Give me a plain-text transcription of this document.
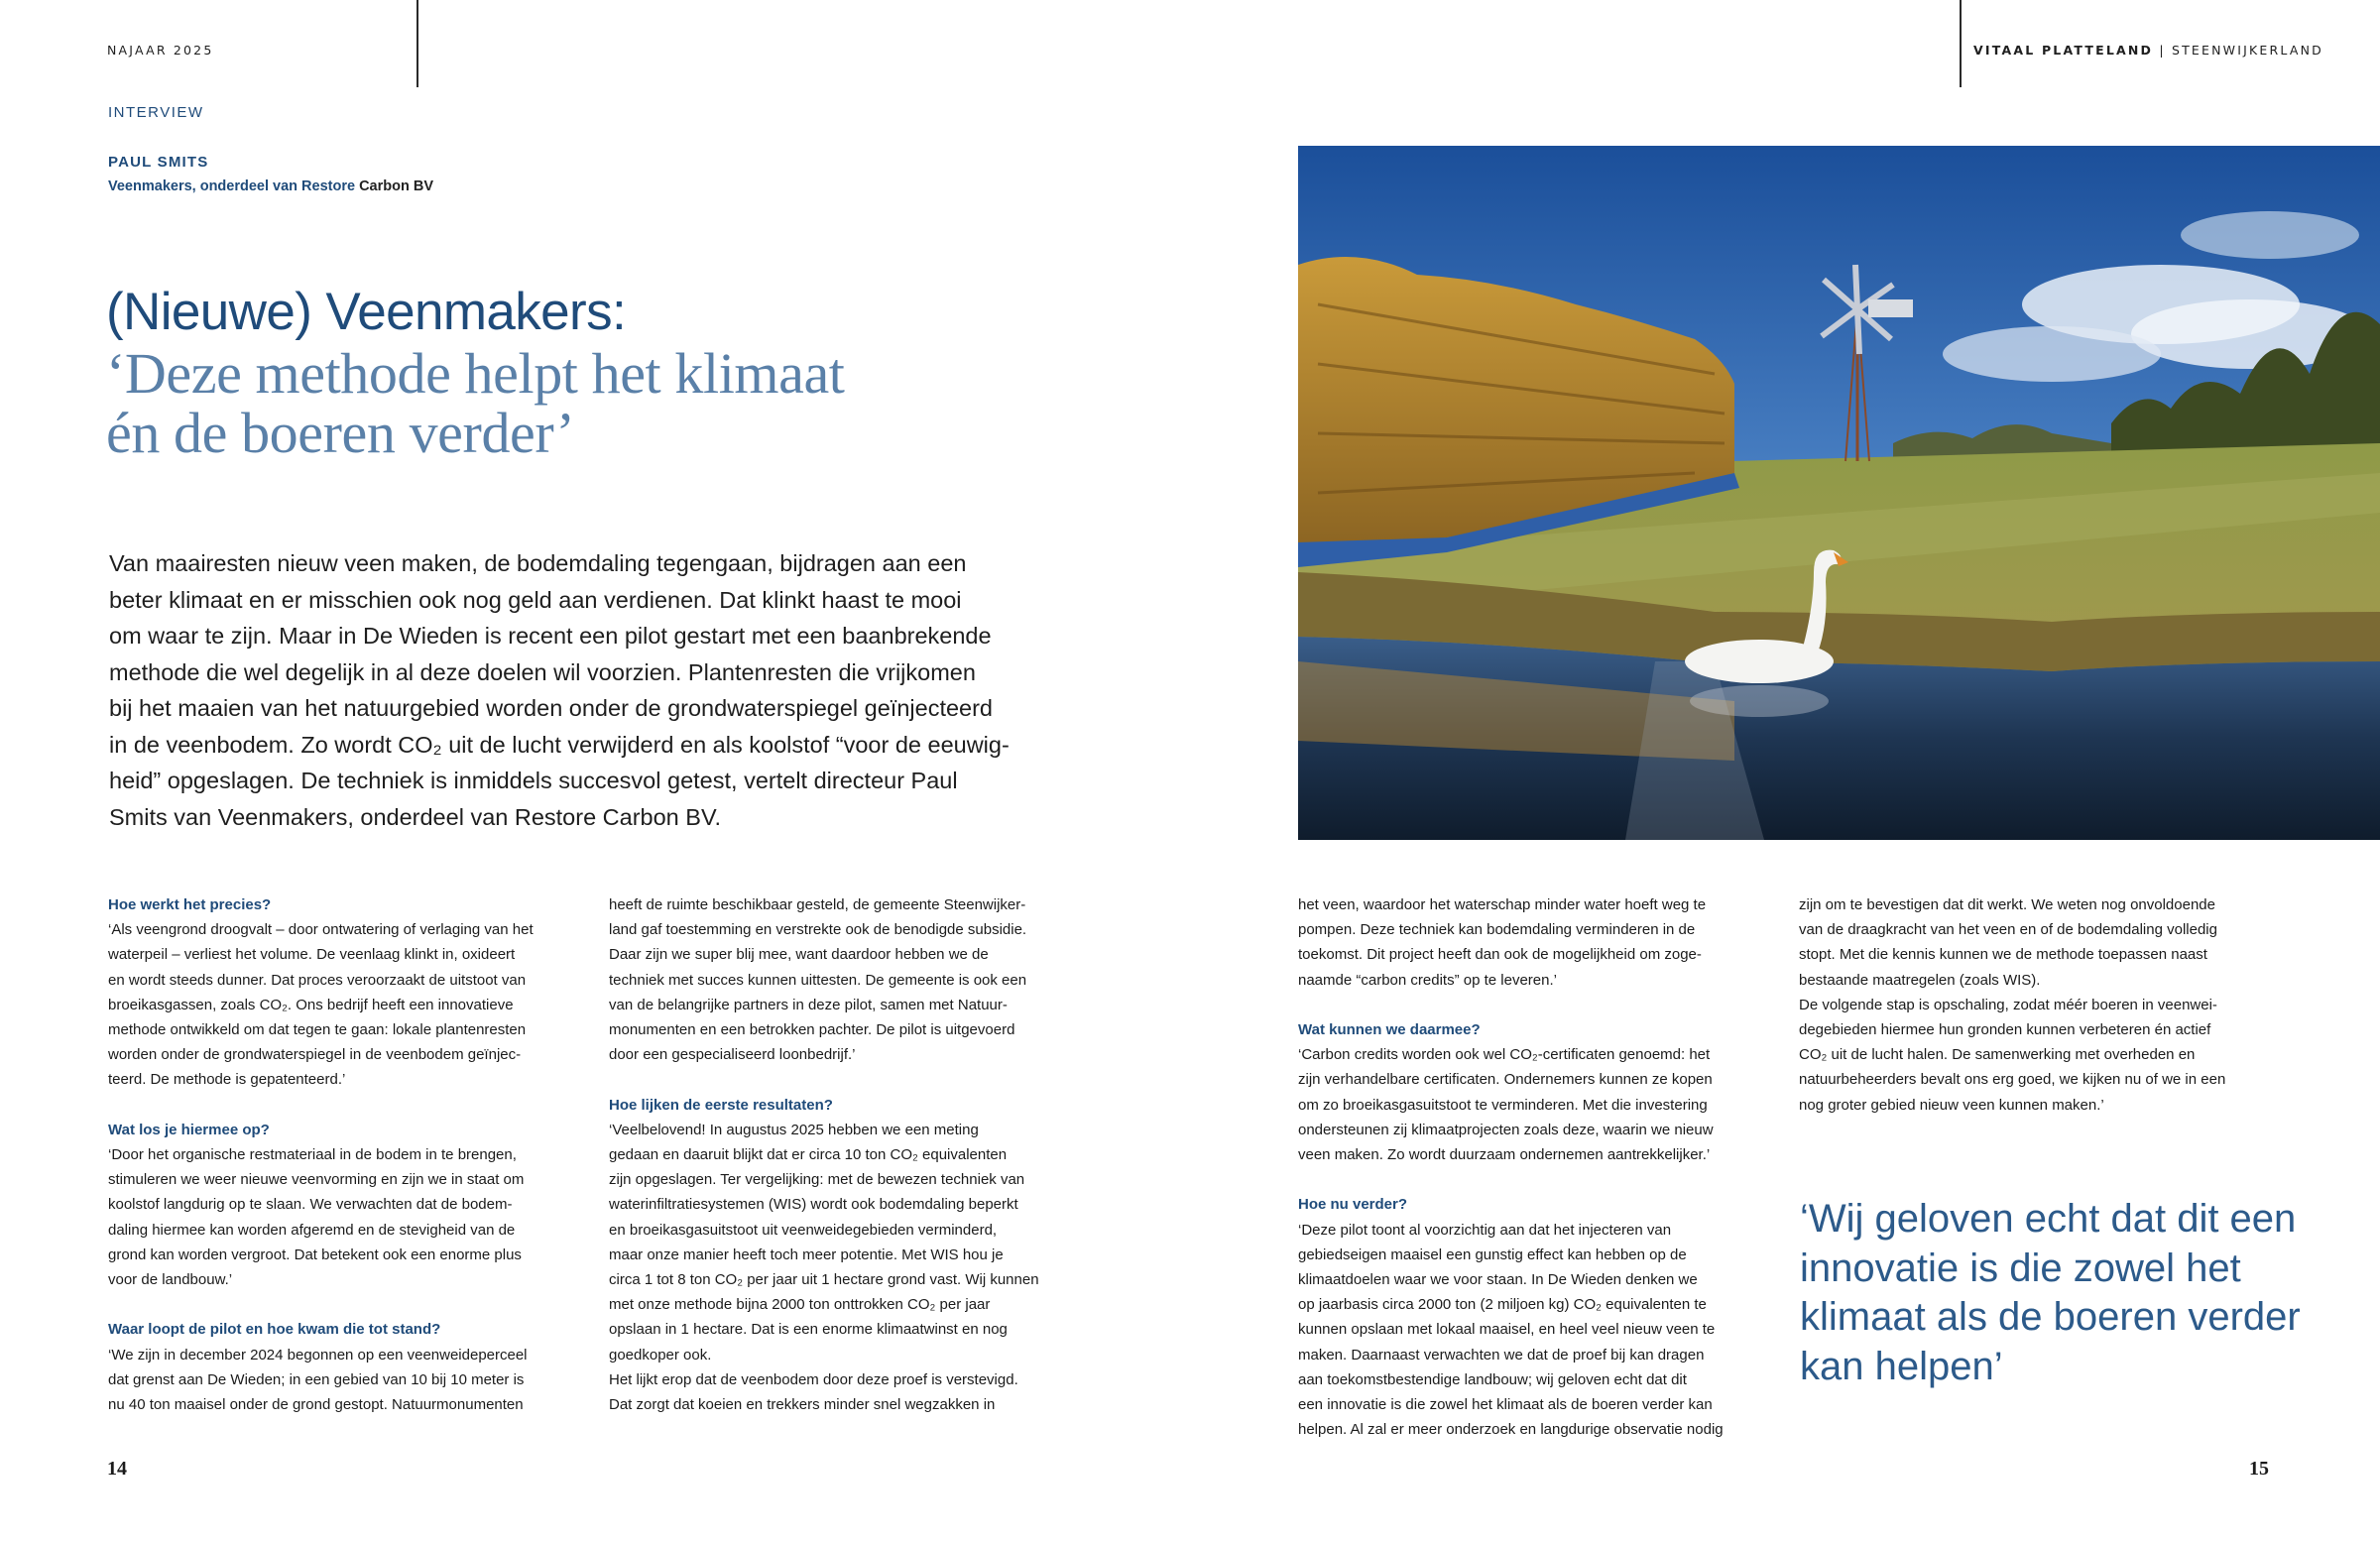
NAJAAR 2025	VITAAL PLATTELAND | STEENWIJKERLAND
INTERVIEW
PAUL SMITS
Veenmakers, onderdeel van Restore Carbon BV
(Nieuwe) Veenmakers:
‘Deze methode helpt het klimaat
én de boeren verder’
Van maairesten nieuw veen maken, de bodemdaling tegengaan, bijdragen aan een
beter klimaat en er misschien ook nog geld aan verdienen. Dat klinkt haast te mooi
om waar te zijn. Maar in De Wieden is recent een pilot gestart met een baanbrekende
methode die wel degelijk in al deze doelen wil voorzien. Plantenresten die vrijkomen
bij het maaien van het natuurgebied worden onder de grondwaterspiegel geïnjecteerd
in de veenbodem. Zo wordt CO₂ uit de lucht verwijderd en als koolstof “voor de eeuwig-
heid” opgeslagen. De techniek is inmiddels succesvol getest, vertelt directeur Paul
Smits van Veenmakers, onderdeel van Restore Carbon BV.
Hoe werkt het precies?
‘Als veengrond droogvalt – door ontwatering of verlaging van het
waterpeil – verliest het volume. De veenlaag klinkt in, oxideert
en wordt steeds dunner. Dat proces veroorzaakt de uitstoot van
broeikasgassen, zoals CO₂. Ons bedrijf heeft een innovatieve
methode ontwikkeld om dat tegen te gaan: lokale plantenresten
worden onder de grondwaterspiegel in de veenbodem geïnjec-
teerd. De methode is gepatenteerd.’
Wat los je hiermee op?
‘Door het organische restmateriaal in de bodem in te brengen,
stimuleren we weer nieuwe veenvorming en zijn we in staat om
koolstof langdurig op te slaan. We verwachten dat de bodem-
daling hiermee kan worden afgeremd en de stevigheid van de
grond kan worden vergroot. Dat betekent ook een enorme plus
voor de landbouw.’
Waar loopt de pilot en hoe kwam die tot stand?
‘We zijn in december 2024 begonnen op een veenweideperceel
dat grenst aan De Wieden; in een gebied van 10 bij 10 meter is
nu 40 ton maaisel onder de grond gestopt. Natuurmonumenten
heeft de ruimte beschikbaar gesteld, de gemeente Steenwijker-
land gaf toestemming en verstrekte ook de benodigde subsidie.
Daar zijn we super blij mee, want daardoor hebben we de
techniek met succes kunnen uittesten. De gemeente is ook een
van de belangrijke partners in deze pilot, samen met Natuur-
monumenten en een betrokken pachter. De pilot is uitgevoerd
door een gespecialiseerd loonbedrijf.’
Hoe lijken de eerste resultaten?
‘Veelbelovend! In augustus 2025 hebben we een meting
gedaan en daaruit blijkt dat er circa 10 ton CO₂ equivalenten
zijn opgeslagen. Ter vergelijking: met de bewezen techniek van
waterinfiltratiesystemen (WIS) wordt ook bodemdaling beperkt
en broeikasgasuitstoot uit veenweidegebieden verminderd,
maar onze manier heeft toch meer potentie. Met WIS hou je
circa 1 tot 8 ton CO₂ per jaar uit 1 hectare grond vast. Wij kunnen
met onze methode bijna 2000 ton onttrokken CO₂ per jaar
opslaan in 1 hectare. Dat is een enorme klimaatwinst en nog
goedkoper ook.
Het lijkt erop dat de veenbodem door deze proef is verstevigd.
Dat zorgt dat koeien en trekkers minder snel wegzakken in
het veen, waardoor het waterschap minder water hoeft weg te
pompen. Deze techniek kan bodemdaling verminderen in de
toekomst. Dit project heeft dan ook de mogelijkheid om zoge-
naamde “carbon credits” op te leveren.’
Wat kunnen we daarmee?
‘Carbon credits worden ook wel CO₂-certificaten genoemd: het
zijn verhandelbare certificaten. Ondernemers kunnen ze kopen
om zo broeikasgasuitstoot te verminderen. Met die investering
ondersteunen zij klimaatprojecten zoals deze, waarin we nieuw
veen maken. Zo wordt duurzaam ondernemen aantrekkelijker.’
Hoe nu verder?
‘Deze pilot toont al voorzichtig aan dat het injecteren van
gebiedseigen maaisel een gunstig effect kan hebben op de
klimaatdoelen waar we voor staan. In De Wieden denken we
op jaarbasis circa 2000 ton (2 miljoen kg) CO₂ equivalenten te
kunnen opslaan met lokaal maaisel, en heel veel nieuw veen te
maken. Daarnaast verwachten we dat de proef bij kan dragen
aan toekomstbestendige landbouw; wij geloven echt dat dit
een innovatie is die zowel het klimaat als de boeren verder kan
helpen. Al zal er meer onderzoek en langdurige observatie nodig
zijn om te bevestigen dat dit werkt. We weten nog onvoldoende
van de draagkracht van het veen en of de bodemdaling volledig
stopt. Met die kennis kunnen we de methode toepassen naast
bestaande maatregelen (zoals WIS).
De volgende stap is opschaling, zodat méér boeren in veenwei-
degebieden hiermee hun gronden kunnen verbeteren én actief
CO₂ uit de lucht halen. De samenwerking met overheden en
natuurbeheerders bevalt ons erg goed, we kijken nu of we in een
nog groter gebied nieuw veen kunnen maken.’
‘Wij geloven echt dat dit een
innovatie is die zowel het
klimaat als de boeren verder
kan helpen’
14	15
